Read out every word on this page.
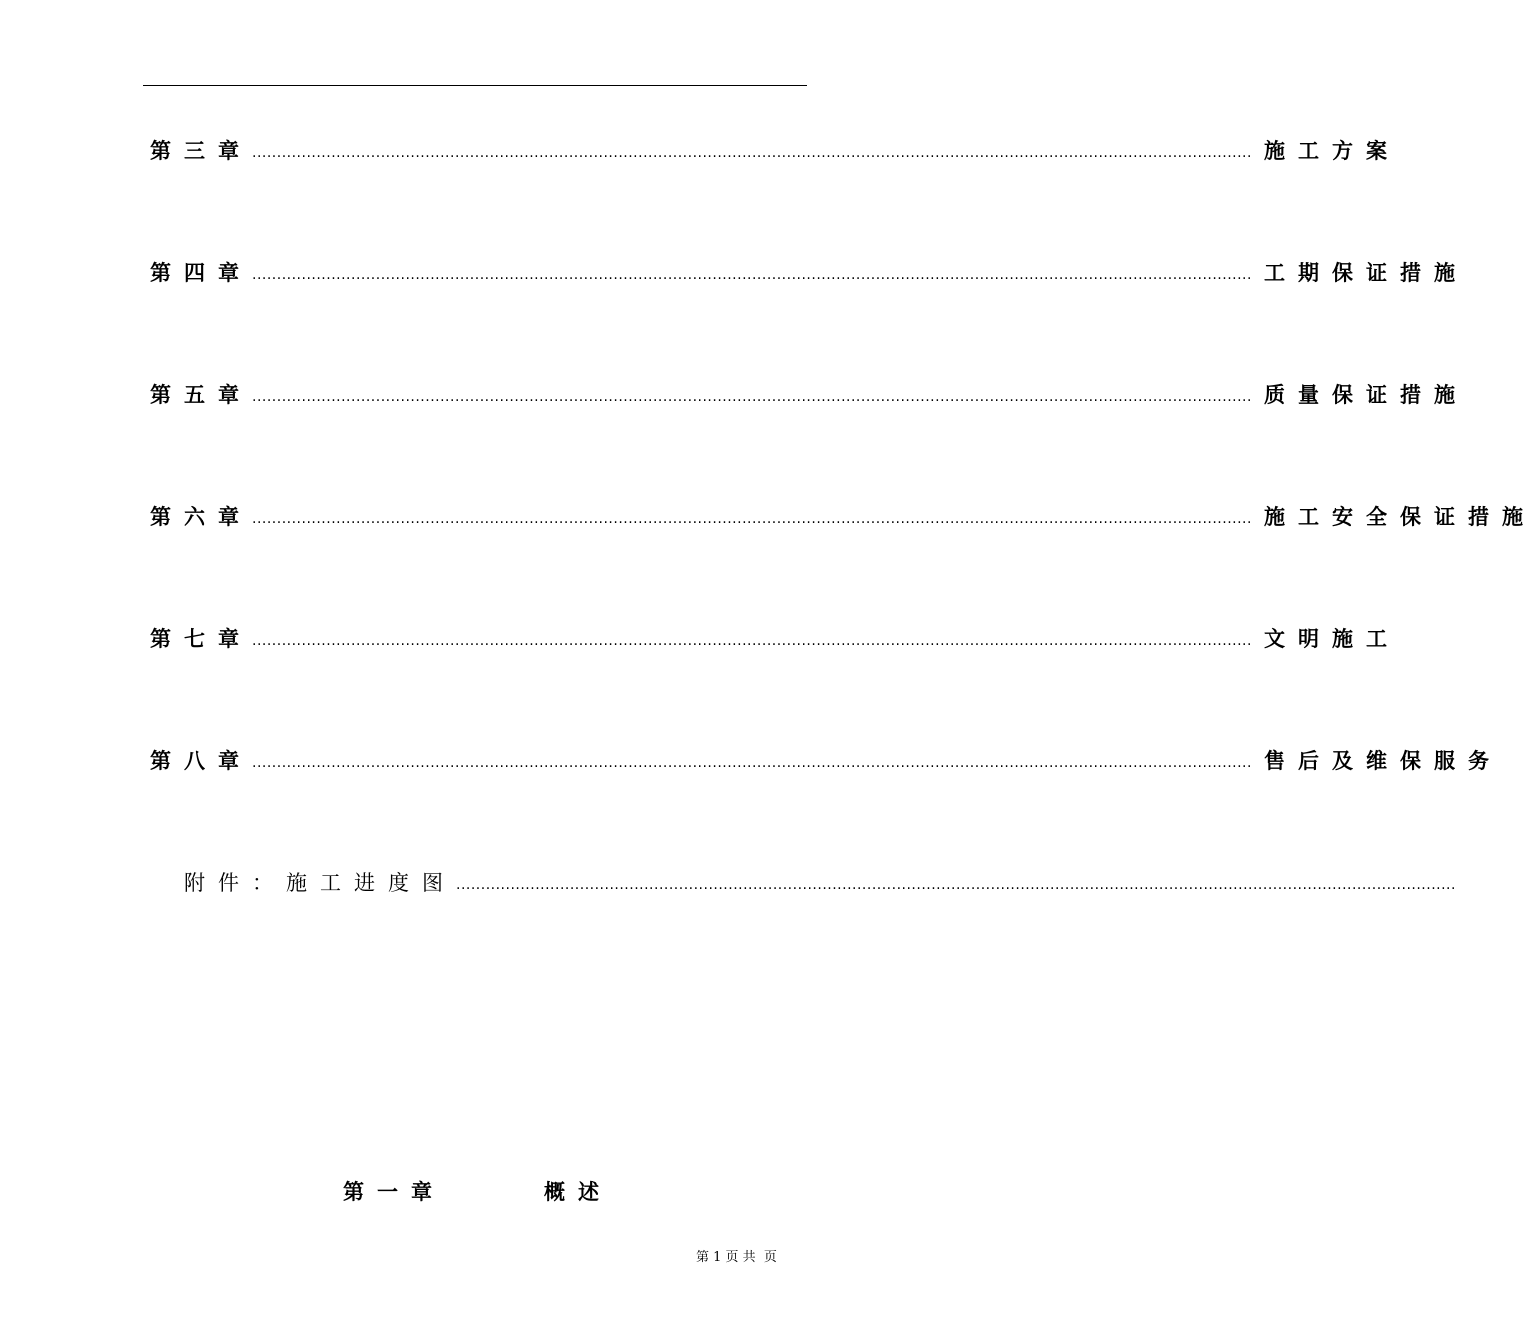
第三章 .......................................................................................................................................................................................................... 施工方案
第四章 .......................................................................................................................................................................................................... 工期保证措施
第五章 .......................................................................................................................................................................................................... 质量保证措施
第六章 .......................................................................................................................................................................................................... 施工安全保证措施
第七章 .......................................................................................................................................................................................................... 文明施工
第八章 .......................................................................................................................................................................................................... 售后及维保服务
附件：施工进度图 ..........................................................................................................................................................................................................
第一章	概述
第 1 页 共  页
